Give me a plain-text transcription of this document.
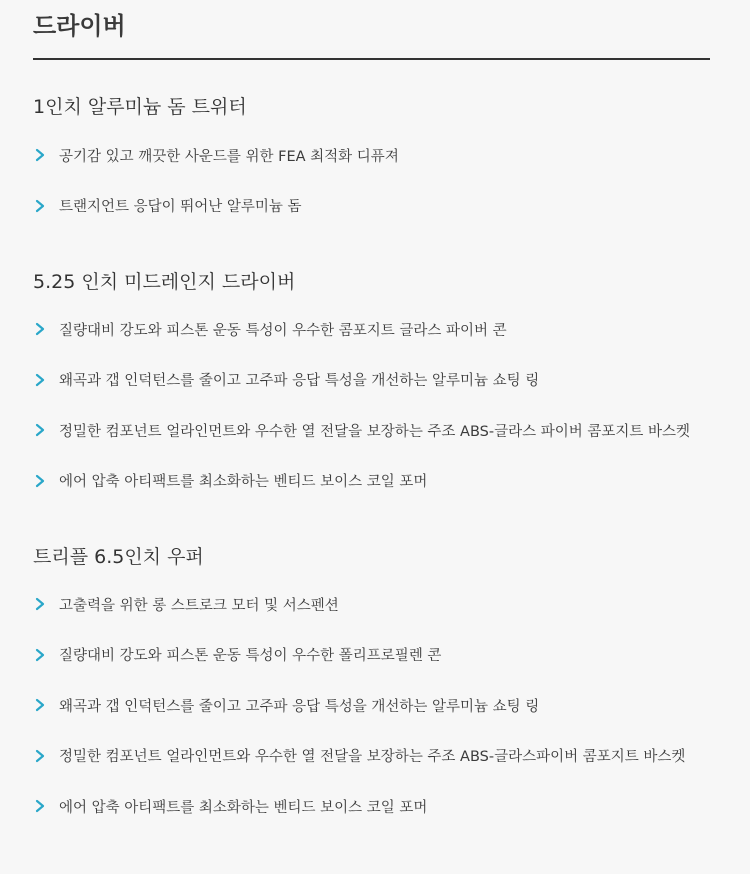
드라이버
1인치 알루미늄 돔 트위터
공기감 있고 깨끗한 사운드를 위한 FEA 최적화 디퓨져
트랜지언트 응답이 뛰어난 알루미늄 돔
5.25 인치 미드레인지 드라이버
질량대비 강도와 피스톤 운동 특성이 우수한 콤포지트 글라스 파이버 콘
왜곡과 갭 인덕턴스를 줄이고 고주파 응답 특성을 개선하는 알루미늄 쇼팅 링
정밀한 컴포넌트 얼라인먼트와 우수한 열 전달을 보장하는 주조 ABS-글라스 파이버 콤포지트 바스켓
에어 압축 아티팩트를 최소화하는 벤티드 보이스 코일 포머
트리플 6.5인치 우퍼
고출력을 위한 롱 스트로크 모터 및 서스펜션
질량대비 강도와 피스톤 운동 특성이 우수한 폴리프로필렌 콘
왜곡과 갭 인덕턴스를 줄이고 고주파 응답 특성을 개선하는 알루미늄 쇼팅 링
정밀한 컴포넌트 얼라인먼트와 우수한 열 전달을 보장하는 주조 ABS-글라스파이버 콤포지트 바스켓
에어 압축 아티팩트를 최소화하는 벤티드 보이스 코일 포머
